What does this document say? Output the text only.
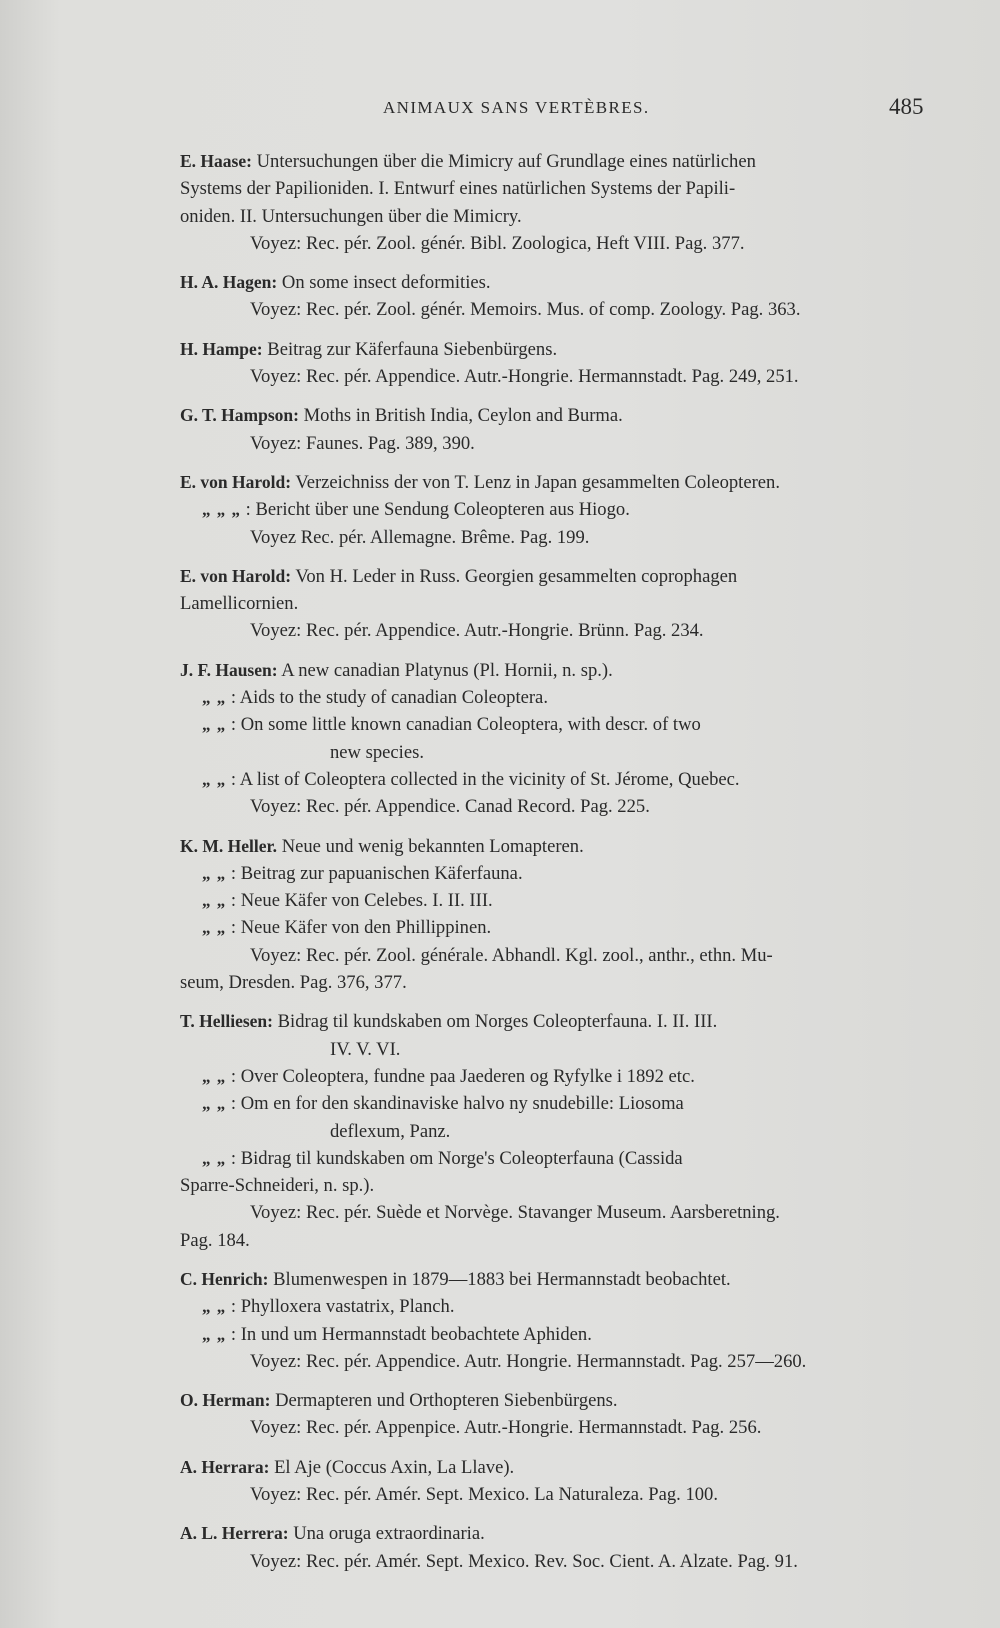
ANIMAUX SANS VERTÈBRES.	485
E. Haase: Untersuchungen über die Mimicry auf Grundlage eines natürlichen
Systems der Papilioniden. I. Entwurf eines natürlichen Systems der Papili-
oniden. II. Untersuchungen über die Mimicry.
Voyez: Rec. pér. Zool. génér. Bibl. Zoologica, Heft VIII. Pag. 377.
H. A. Hagen: On some insect deformities.
Voyez: Rec. pér. Zool. génér. Memoirs. Mus. of comp. Zoology. Pag. 363.
H. Hampe: Beitrag zur Käferfauna Siebenbürgens.
Voyez: Rec. pér. Appendice. Autr.-Hongrie. Hermannstadt. Pag. 249, 251.
G. T. Hampson: Moths in British India, Ceylon and Burma.
Voyez: Faunes. Pag. 389, 390.
E. von Harold: Verzeichniss der von T. Lenz in Japan gesammelten Coleopteren.
„ „ „ : Bericht über une Sendung Coleopteren aus Hiogo.
Voyez Rec. pér. Allemagne. Brême. Pag. 199.
E. von Harold: Von H. Leder in Russ. Georgien gesammelten coprophagen
Lamellicornien.
Voyez: Rec. pér. Appendice. Autr.-Hongrie. Brünn. Pag. 234.
J. F. Hausen: A new canadian Platynus (Pl. Hornii, n. sp.).
„ „ : Aids to the study of canadian Coleoptera.
„ „ : On some little known canadian Coleoptera, with descr. of two
new species.
„ „ : A list of Coleoptera collected in the vicinity of St. Jérome, Quebec.
Voyez: Rec. pér. Appendice. Canad Record. Pag. 225.
K. M. Heller. Neue und wenig bekannten Lomapteren.
„ „ : Beitrag zur papuanischen Käferfauna.
„ „ : Neue Käfer von Celebes. I. II. III.
„ „ : Neue Käfer von den Phillippinen.
Voyez: Rec. pér. Zool. générale. Abhandl. Kgl. zool., anthr., ethn. Mu-
seum, Dresden. Pag. 376, 377.
T. Helliesen: Bidrag til kundskaben om Norges Coleopterfauna. I. II. III.
IV. V. VI.
„ „ : Over Coleoptera, fundne paa Jaederen og Ryfylke i 1892 etc.
„ „ : Om en for den skandinaviske halvo ny snudebille: Liosoma
deflexum, Panz.
„ „ : Bidrag til kundskaben om Norge's Coleopterfauna (Cassida
Sparre-Schneideri, n. sp.).
Voyez: Rec. pér. Suède et Norvège. Stavanger Museum. Aarsberetning.
Pag. 184.
C. Henrich: Blumenwespen in 1879—1883 bei Hermannstadt beobachtet.
„ „ : Phylloxera vastatrix, Planch.
„ „ : In und um Hermannstadt beobachtete Aphiden.
Voyez: Rec. pér. Appendice. Autr. Hongrie. Hermannstadt. Pag. 257—260.
O. Herman: Dermapteren und Orthopteren Siebenbürgens.
Voyez: Rec. pér. Appenpice. Autr.-Hongrie. Hermannstadt. Pag. 256.
A. Herrara: El Aje (Coccus Axin, La Llave).
Voyez: Rec. pér. Amér. Sept. Mexico. La Naturaleza. Pag. 100.
A. L. Herrera: Una oruga extraordinaria.
Voyez: Rec. pér. Amér. Sept. Mexico. Rev. Soc. Cient. A. Alzate. Pag. 91.
